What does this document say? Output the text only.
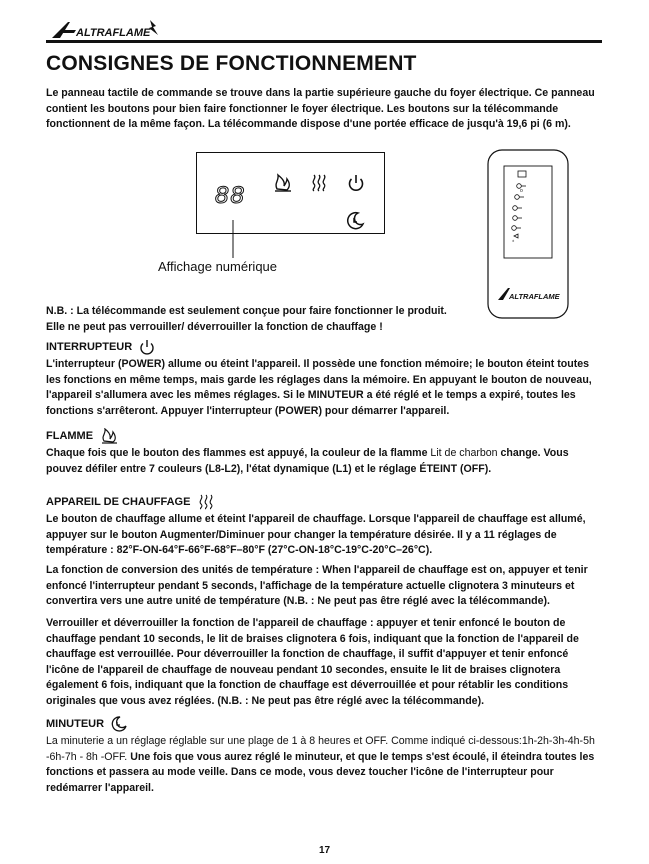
ALTRAFLAME
CONSIGNES DE FONCTIONNEMENT
Le panneau tactile de commande se trouve dans la partie supérieure gauche du foyer électrique. Ce panneau contient les boutons pour bien faire fonctionner le foyer électrique. Les boutons sur la télécommande fonctionnent de la même façon. La télécommande dispose d'une portée efficace de jusqu'à 19,6 pi (6 m).
88
Affichage numérique
o
±
ALTRAFLAME
N.B. : La télécommande est seulement conçue pour faire fonctionner le produit.
Elle ne peut pas verrouiller/ déverrouiller la fonction de chauffage !
INTERRUPTEUR
L'interrupteur (POWER) allume ou éteint l'appareil. Il possède une fonction mémoire; le bouton éteint toutes les fonctions en même temps, mais garde les réglages dans la mémoire. En appuyant le bouton de nouveau, l'appareil s'allumera avec les mêmes réglages. Si le MINUTEUR a été réglé et le temps a expiré, toutes les fonctions s'arrêteront. Appuyer l'interrupteur (POWER) pour démarrer l'appareil.
FLAMME
Chaque fois que le bouton des flammes est appuyé, la couleur de la flamme Lit de charbon change. Vous pouvez défiler entre 7 couleurs (L8-L2), l'état dynamique (L1) et le réglage ÉTEINT (OFF).
APPAREIL DE CHAUFFAGE
Le bouton de chauffage allume et éteint l'appareil de chauffage. Lorsque l'appareil de chauffage est allumé, appuyer sur le bouton Augmenter/Diminuer pour changer la température désirée. Il y a 11 réglages de température : 82°F-ON-64°F-66°F-68°F–80°F (27°C-ON-18°C-19°C-20°C–26°C).
La fonction de conversion des unités de température : When l'appareil de chauffage est on, appuyer et tenir enfoncé l'interrupteur pendant 5 seconds, l'affichage de la température actuelle clignotera 3 minuteurs et convertira vers une autre unité de température (N.B. : Ne peut pas être réglé avec la télécommande).
Verrouiller et déverrouiller la fonction de l'appareil de chauffage : appuyer et tenir enfoncé le bouton de chauffage pendant 10 seconds, le lit de braises clignotera 6 fois, indiquant que la fonction de l'appareil de chauffage est verrouillée. Pour déverrouiller la fonction de chauffage, il suffit d'appuyer et tenir enfoncé l'icône de l'appareil de chauffage de nouveau pendant 10 secondes, ensuite le lit de braises clignotera également 6 fois, indiquant que la fonction de chauffage est déverrouillée et pour rétablir les conditions originales que vous avez réglées. (N.B. : Ne peut pas être réglé avec la télécommande).
MINUTEUR
La minuterie a un réglage réglable sur une plage de 1 à 8 heures et OFF. Comme indiqué ci-dessous:1h-2h-3h-4h-5h -6h-7h - 8h -OFF. Une fois que vous aurez réglé le minuteur, et que le temps s'est écoulé, il éteindra toutes les fonctions et passera au mode veille. Dans ce mode, vous devez toucher l'icône de l'interrupteur pour redémarrer l'appareil.
17
